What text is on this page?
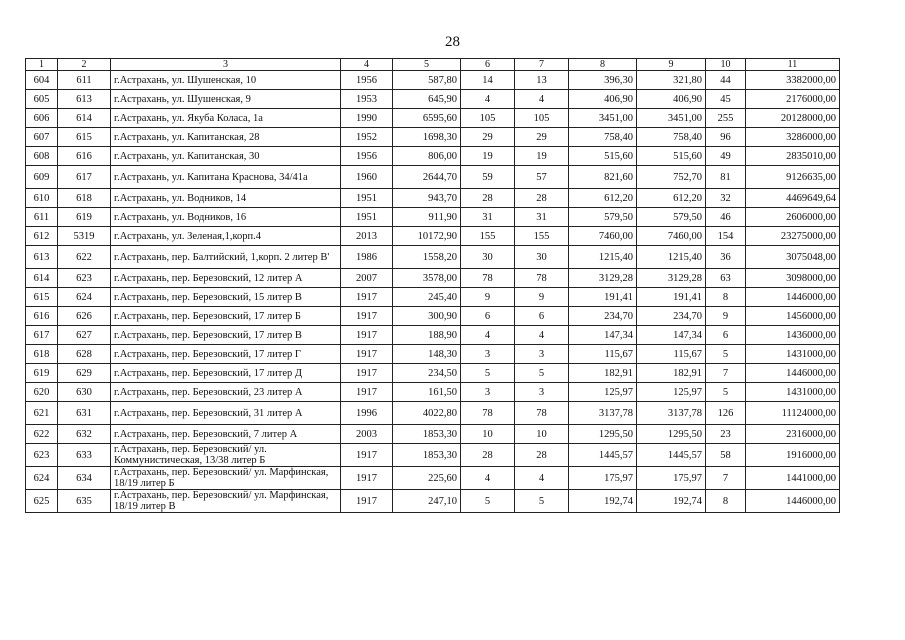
28
1	2	3	4	5	6	7	8	9	10	11
604	611	г.Астрахань, ул. Шушенская, 10	1956	587,80	14	13	396,30	321,80	44	3382000,00
605	613	г.Астрахань, ул. Шушенская, 9	1953	645,90	4	4	406,90	406,90	45	2176000,00
606	614	г.Астрахань, ул. Якуба Коласа, 1а	1990	6595,60	105	105	3451,00	3451,00	255	20128000,00
607	615	г.Астрахань, ул. Капитанская, 28	1952	1698,30	29	29	758,40	758,40	96	3286000,00
608	616	г.Астрахань, ул. Капитанская, 30	1956	806,00	19	19	515,60	515,60	49	2835010,00
609	617	г.Астрахань, ул. Капитана Краснова, 34/41а	1960	2644,70	59	57	821,60	752,70	81	9126635,00
610	618	г.Астрахань, ул. Водников, 14	1951	943,70	28	28	612,20	612,20	32	4469649,64
611	619	г.Астрахань, ул. Водников, 16	1951	911,90	31	31	579,50	579,50	46	2606000,00
612	5319	г.Астрахань, ул. Зеленая,1,корп.4	2013	10172,90	155	155	7460,00	7460,00	154	23275000,00
613	622	г.Астрахань, пер. Балтийский, 1,корп. 2 литер В'	1986	1558,20	30	30	1215,40	1215,40	36	3075048,00
614	623	г.Астрахань, пер. Березовский, 12 литер А	2007	3578,00	78	78	3129,28	3129,28	63	3098000,00
615	624	г.Астрахань, пер. Березовский, 15 литер В	1917	245,40	9	9	191,41	191,41	8	1446000,00
616	626	г.Астрахань, пер. Березовский, 17 литер Б	1917	300,90	6	6	234,70	234,70	9	1456000,00
617	627	г.Астрахань, пер. Березовский, 17 литер В	1917	188,90	4	4	147,34	147,34	6	1436000,00
618	628	г.Астрахань, пер. Березовский, 17 литер Г	1917	148,30	3	3	115,67	115,67	5	1431000,00
619	629	г.Астрахань, пер. Березовский, 17 литер Д	1917	234,50	5	5	182,91	182,91	7	1446000,00
620	630	г.Астрахань, пер. Березовский, 23 литер А	1917	161,50	3	3	125,97	125,97	5	1431000,00
621	631	г.Астрахань, пер. Березовский, 31 литер А	1996	4022,80	78	78	3137,78	3137,78	126	11124000,00
622	632	г.Астрахань, пер. Березовский, 7 литер А	2003	1853,30	10	10	1295,50	1295,50	23	2316000,00
623	633	г.Астрахань, пер. Березовский/ ул. Коммунистическая, 13/38 литер Б	1917	1853,30	28	28	1445,57	1445,57	58	1916000,00
624	634	г.Астрахань, пер. Березовский/ ул. Марфинская, 18/19 литер Б	1917	225,60	4	4	175,97	175,97	7	1441000,00
625	635	г.Астрахань, пер. Березовский/ ул. Марфинская, 18/19 литер В	1917	247,10	5	5	192,74	192,74	8	1446000,00
